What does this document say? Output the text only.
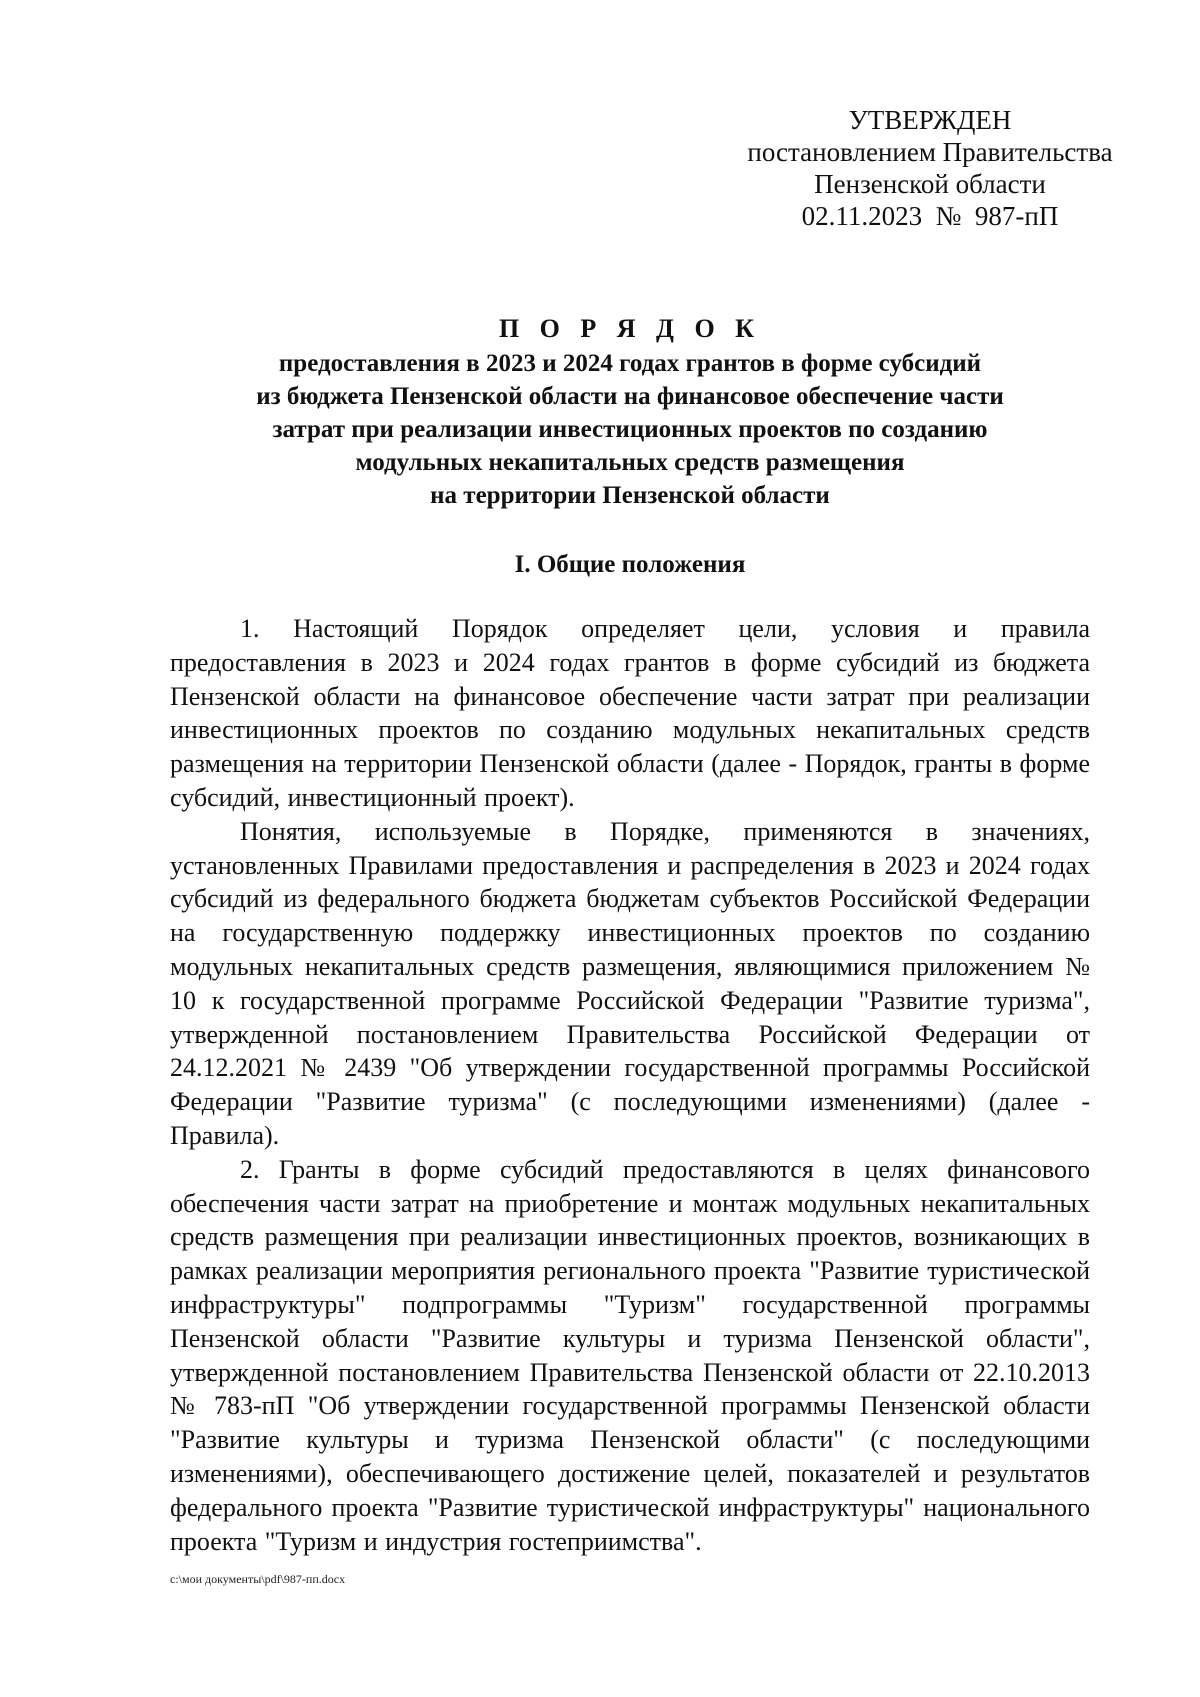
УТВЕРЖДЕН
постановлением Правительства
Пензенской области
02.11.2023  №  987-пП
П О Р Я Д О К
предоставления в 2023 и 2024 годах грантов в форме субсидий
из бюджета Пензенской области на финансовое обеспечение части
затрат при реализации инвестиционных проектов по созданию
модульных некапитальных средств размещения
на территории Пензенской области
I. Общие положения

1. Настоящий Порядок определяет цели, условия и правила предоставления в 2023 и 2024 годах грантов в форме субсидий из бюджета Пензенской области на финансовое обеспечение части затрат при реализации инвестиционных проектов по созданию модульных некапитальных средств размещения на территории Пензенской области (далее - Порядок, гранты в форме субсидий, инвестиционный проект).

Понятия, используемые в Порядке, применяются в значениях, установленных Правилами предоставления и распределения в 2023 и 2024 годах субсидий из федерального бюджета бюджетам субъектов Российской Федерации на государственную поддержку инвестиционных проектов по созданию модульных некапитальных средств размещения, являющимися приложением № 10 к государственной программе Российской Федерации "Развитие туризма", утвержденной постановлением Правительства Российской Федерации от 24.12.2021 № 2439 "Об утверждении государственной программы Российской Федерации "Развитие туризма" (с последующими изменениями) (далее - Правила).

2. Гранты в форме субсидий предоставляются в целях финансового обеспечения части затрат на приобретение и монтаж модульных некапитальных средств размещения при реализации инвестиционных проектов, возникающих в рамках реализации мероприятия регионального проекта "Развитие туристической инфраструктуры" подпрограммы "Туризм" государственной программы Пензенской области "Развитие культуры и туризма Пензенской области", утвержденной постановлением Правительства Пензенской области от 22.10.2013 № 783-пП "Об утверждении государственной программы Пензенской области "Развитие культуры и туризма Пензенской области" (с последующими изменениями), обеспечивающего достижение целей, показателей и результатов федерального проекта "Развитие туристической инфраструктуры" национального проекта "Туризм и индустрия гостеприимства".

c:\мои документы\pdf\987-пп.docx
